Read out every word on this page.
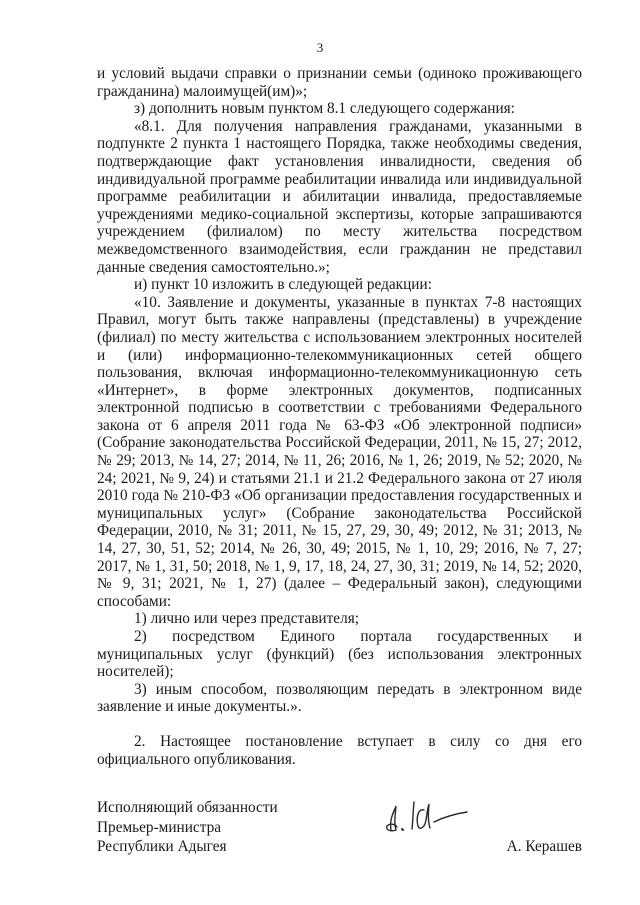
3

и условий выдачи справки о признании семьи (одиноко проживающего гражданина) малоимущей(им)»;

з) дополнить новым пунктом 8.1 следующего содержания:

«8.1. Для получения направления гражданами, указанными в подпункте 2 пункта 1 настоящего Порядка, также необходимы сведения, подтверждающие факт установления инвалидности, сведения об индивидуальной программе реабилитации инвалида или индивидуальной программе реабилитации и абилитации инвалида, предоставляемые учреждениями медико-социальной экспертизы, которые запрашиваются учреждением (филиалом) по месту жительства посредством межведомственного взаимодействия, если гражданин не представил данные сведения самостоятельно.»;

и) пункт 10 изложить в следующей редакции:

«10. Заявление и документы, указанные в пунктах 7-8 настоящих Правил, могут быть также направлены (представлены) в учреждение (филиал) по месту жительства с использованием электронных носителей и (или) информационно-телекоммуникационных сетей общего пользования, включая информационно-телекоммуникационную сеть «Интернет», в форме электронных документов, подписанных электронной подписью в соответствии с требованиями Федерального закона от 6 апреля 2011 года № 63-ФЗ «Об электронной подписи» (Собрание законодательства Российской Федерации, 2011, № 15, 27; 2012, № 29; 2013, № 14, 27; 2014, № 11, 26; 2016, № 1, 26; 2019, № 52; 2020, № 24; 2021, № 9, 24) и статьями 21.1 и 21.2 Федерального закона от 27 июля 2010 года № 210-ФЗ «Об организации предоставления государственных и муниципальных услуг» (Собрание законодательства Российской Федерации, 2010, № 31; 2011, № 15, 27, 29, 30, 49; 2012, № 31; 2013, № 14, 27, 30, 51, 52; 2014, № 26, 30, 49; 2015, № 1, 10, 29; 2016, № 7, 27; 2017, № 1, 31, 50; 2018, № 1, 9, 17, 18, 24, 27, 30, 31; 2019, № 14, 52; 2020, № 9, 31; 2021, № 1, 27) (далее – Федеральный закон), следующими способами:

1) лично или через представителя;

2) посредством Единого портала государственных и муниципальных услуг (функций) (без использования электронных носителей);

3) иным способом, позволяющим передать в электронном виде заявление и иные документы.».

2. Настоящее постановление вступает в силу со дня его официального опубликования.

Исполняющий обязанности

Премьер-министра

Республики Адыгея	А. Керашев
